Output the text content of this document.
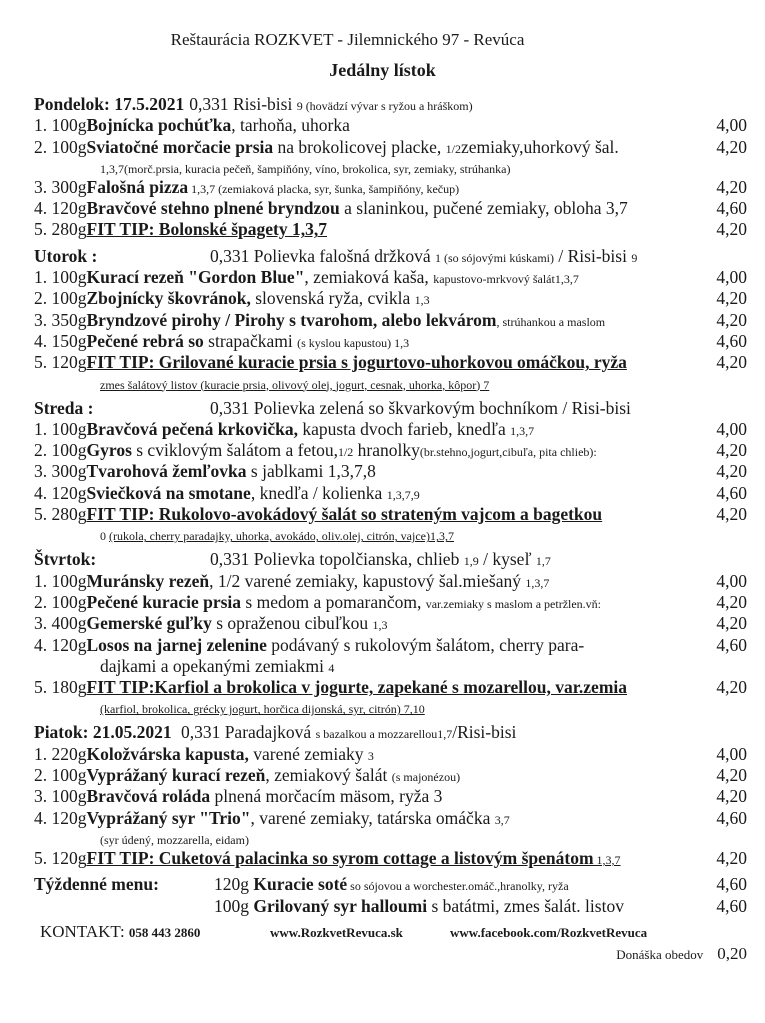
Reštaurácia ROZKVET - Jilemnického 97 - Revúca
Jedálny lístok
Pondelok: 17.5.2021 0,331 Risi-bisi 9 (hovädzí vývar s ryžou a hráškom)
1. 100gBojnícka pochúťka, tarhoňa, uhorka	4,00
2. 100gSviatočné morčacie prsia na brokolicovej placke, 1/2zemiaky,uhorkový šal.	4,20
1,3,7(morč.prsia, kuracia pečeň, šampiňóny, víno, brokolica, syr, zemiaky, strúhanka)
3. 300gFalošná pizza 1,3,7 (zemiaková placka, syr, šunka, šampiňóny, kečup)	4,20
4. 120gBravčové stehno plnené bryndzou a slaninkou, pučené zemiaky, obloha 3,7	4,60
5. 280gFIT TIP: Bolonské špagety 1,3,7	4,20
Utorok :	0,331 Polievka falošná držková 1 (so sójovými kúskami) / Risi-bisi 9
1. 100gKurací rezeň "Gordon Blue", zemiaková kaša, kapustovo-mrkvový šalát1,3,7	4,00
2. 100gZbojnícky škovránok, slovenská ryža, cvikla 1,3	4,20
3. 350gBryndzové pirohy / Pirohy s tvarohom, alebo lekvárom, strúhankou a maslom	4,20
4. 150gPečené rebrá so strapačkami (s kyslou kapustou) 1,3	4,60
5. 120gFIT TIP: Grilované kuracie prsia s jogurtovo-uhorkovou omáčkou, ryža	4,20
zmes šalátový listov (kuracie prsia, olivový olej, jogurt, cesnak, uhorka, kôpor) 7
Streda :	0,331 Polievka zelená so škvarkovým bochníkom / Risi-bisi
1. 100gBravčová pečená krkovička, kapusta dvoch farieb, knedľa 1,3,7	4,00
2. 100gGyros s cviklovým šalátom a fetou,1/2 hranolky(br.stehno,jogurt,cibuľa, pita chlieb):	4,20
3. 300gTvarohová žemľovka s jablkami 1,3,7,8	4,20
4. 120gSviečková na smotane, knedľa / kolienka 1,3,7,9	4,60
5. 280gFIT TIP: Rukolovo-avokádový šalát so strateným vajcom a bagetkou	4,20
0 (rukola, cherry paradajky, uhorka, avokádo, oliv.olej, citrón, vajce)1,3,7
Štvrtok:	0,331 Polievka topolčianska, chlieb 1,9 / kyseľ 1,7
1. 100gMuránsky rezeň, 1/2 varené zemiaky, kapustový šal.miešaný 1,3,7	4,00
2. 100gPečené kuracie prsia s medom a pomarančom, var.zemiaky s maslom a petržlen.vň:	4,20
3. 400gGemerské guľky s opraženou cibuľkou 1,3	4,20
4. 120gLosos na jarnej zelenine podávaný s rukolovým šalátom, cherry para-	4,60
dajkami a opekanými zemiakmi 4
5. 180gFIT TIP:Karfiol a brokolica v jogurte, zapekané s mozarellou, var.zemia	4,20
(karfiol, brokolica, grécky jogurt, horčica dijonská, syr, citrón) 7,10
Piatok: 21.05.2021 0,331 Paradajková s bazalkou a mozzarellou1,7/Risi-bisi
1. 220gKoložvárska kapusta, varené zemiaky 3	4,00
2. 100gVyprážaný kurací rezeň, zemiakový šalát (s majonézou)	4,20
3. 100gBravčová roláda plnená morčacím mäsom, ryža 3	4,20
4. 120gVyprážaný syr "Trio", varené zemiaky, tatárska omáčka 3,7	4,60
(syr údený, mozzarella, eidam)
5. 120gFIT TIP: Cuketová palacinka so syrom cottage a listovým špenátom 1,3,7	4,20
Týždenné menu:	120g Kuracie soté so sójovou a worchester.omáč.,hranolky, ryža	4,60
100g Grilovaný syr halloumi s batátmi, zmes šalát. listov	4,60
KONTAKT: 058 443 2860	www.RozkvetRevuca.sk	www.facebook.com/RozkvetRevuca
Donáška obedov 0,20
